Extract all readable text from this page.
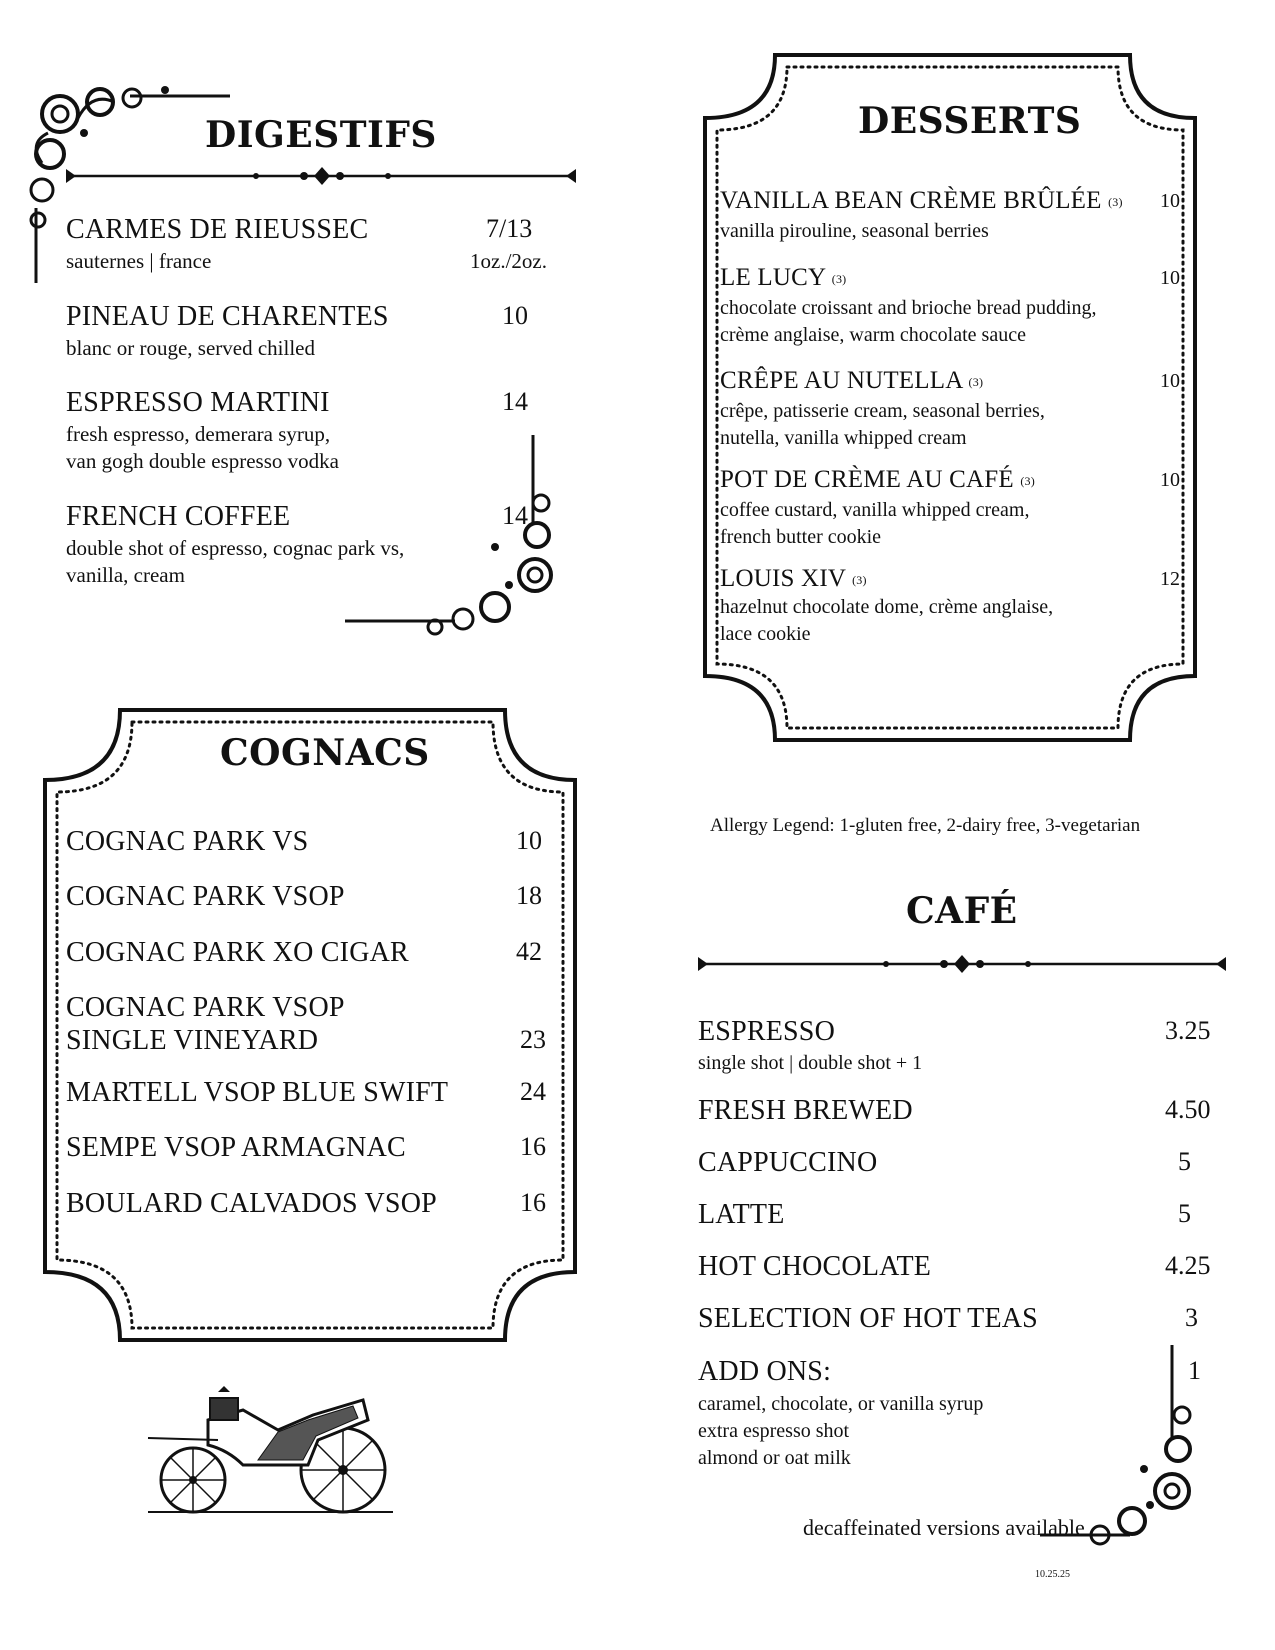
DIGESTIFS
CARMES DE RIEUSSEC	7/13
sauternes | france	1oz./2oz.
PINEAU DE CHARENTES	10
blanc or rouge, served chilled
ESPRESSO MARTINI	14
fresh espresso, demerara syrup,
van gogh double espresso vodka
FRENCH COFFEE	14
double shot of espresso, cognac park vs,
vanilla, cream
COGNACS
COGNAC PARK VS	10
COGNAC PARK VSOP	18
COGNAC PARK XO CIGAR	42
COGNAC PARK VSOP
SINGLE VINEYARD	23
MARTELL VSOP BLUE SWIFT	24
SEMPE VSOP ARMAGNAC	16
BOULARD CALVADOS VSOP	16
DESSERTS
VANILLA BEAN CRÈME BRÛLÉE (3) 10
vanilla pirouline, seasonal berries
LE LUCY (3)	10
chocolate croissant and brioche bread pudding,
crème anglaise, warm chocolate sauce
CRÊPE AU NUTELLA (3)	10
crêpe, patisserie cream, seasonal berries,
nutella, vanilla whipped cream
POT DE CRÈME AU CAFÉ (3)	10
coffee custard, vanilla whipped cream,
french butter cookie
LOUIS XIV (3)	12
hazelnut chocolate dome, crème anglaise,
lace cookie
Allergy Legend: 1-gluten free, 2-dairy free, 3-vegetarian
CAFÉ
ESPRESSO	3.25
single shot | double shot + 1
FRESH BREWED	4.50
CAPPUCCINO	5
LATTE	5
HOT CHOCOLATE	4.25
SELECTION OF HOT TEAS	3
ADD ONS:	1
caramel, chocolate, or vanilla syrup
extra espresso shot
almond or oat milk
decaffeinated versions available
10.25.25
